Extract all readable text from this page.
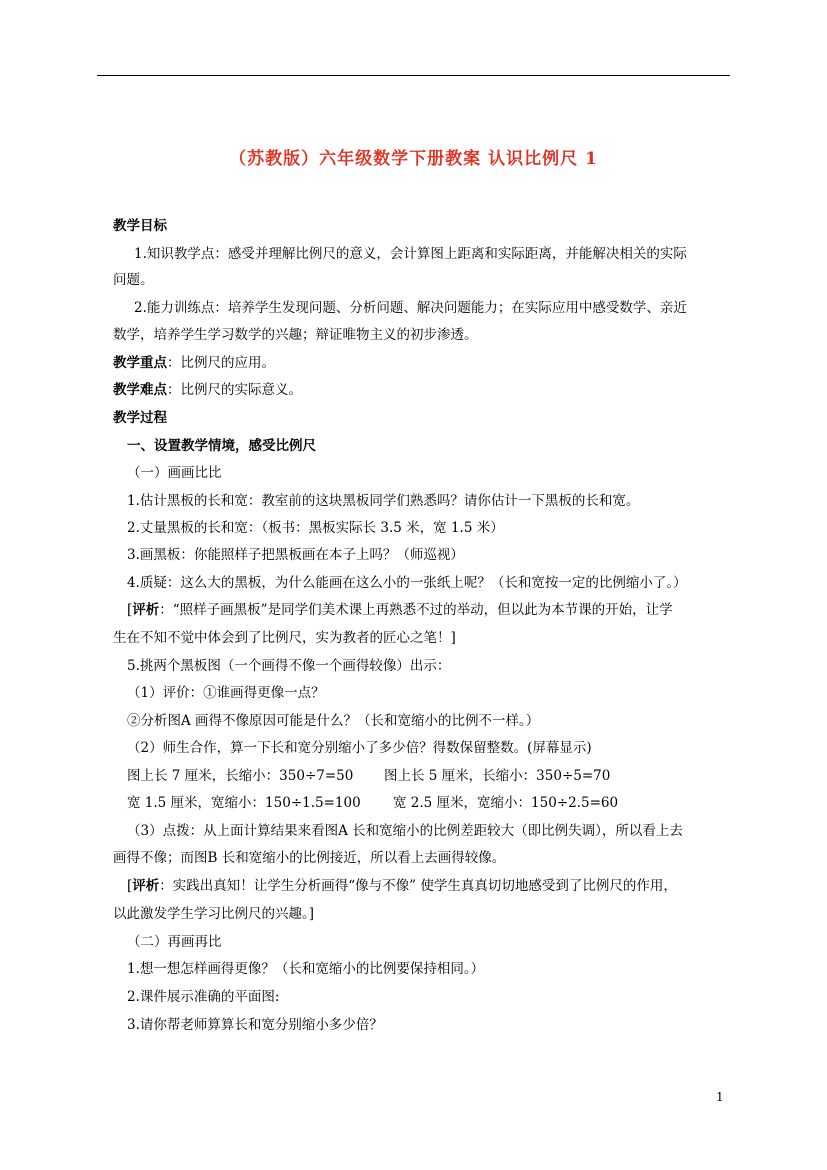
（苏教版）六年级数学下册教案 认识比例尺 1
教学目标
1.知识教学点：感受并理解比例尺的意义，会计算图上距离和实际距离，并能解决相关的实际
问题。
2.能力训练点：培养学生发现问题、分析问题、解决问题能力；在实际应用中感受数学、亲近
数学，培养学生学习数学的兴趣；辩证唯物主义的初步渗透。
教学重点：比例尺的应用。
教学难点：比例尺的实际意义。
教学过程
一、设置教学情境，感受比例尺
（一）画画比比
1.估计黑板的长和宽：教室前的这块黑板同学们熟悉吗？请你估计一下黑板的长和宽。
2.丈量黑板的长和宽：（板书：黑板实际长 3.5 米，宽 1.5 米）
3.画黑板：你能照样子把黑板画在本子上吗？（师巡视）
4.质疑：这么大的黑板，为什么能画在这么小的一张纸上呢？（长和宽按一定的比例缩小了。）
[评析：“照样子画黑板”是同学们美术课上再熟悉不过的举动，但以此为本节课的开始，让学
生在不知不觉中体会到了比例尺，实为教者的匠心之笔！]
5.挑两个黑板图（一个画得不像一个画得较像）出示：
（1）评价：①谁画得更像一点？
②分析图A 画得不像原因可能是什么？（长和宽缩小的比例不一样。）
（2）师生合作，算一下长和宽分别缩小了多少倍？得数保留整数。(屏幕显示)
图上长 7 厘米，长缩小：350÷7=50 图上长 5 厘米，长缩小：350÷5=70
宽 1.5 厘米，宽缩小：150÷1.5=100 宽 2.5 厘米，宽缩小：150÷2.5=60
（3）点拨：从上面计算结果来看图A 长和宽缩小的比例差距较大（即比例失调），所以看上去
画得不像；而图B 长和宽缩小的比例接近，所以看上去画得较像。
[评析：实践出真知！让学生分析画得“像与不像” 使学生真真切切地感受到了比例尺的作用，
以此激发学生学习比例尺的兴趣。]
（二）再画再比
1.想一想怎样画得更像？（长和宽缩小的比例要保持相同。）
2.课件展示准确的平面图:
3.请你帮老师算算长和宽分别缩小多少倍？
1
